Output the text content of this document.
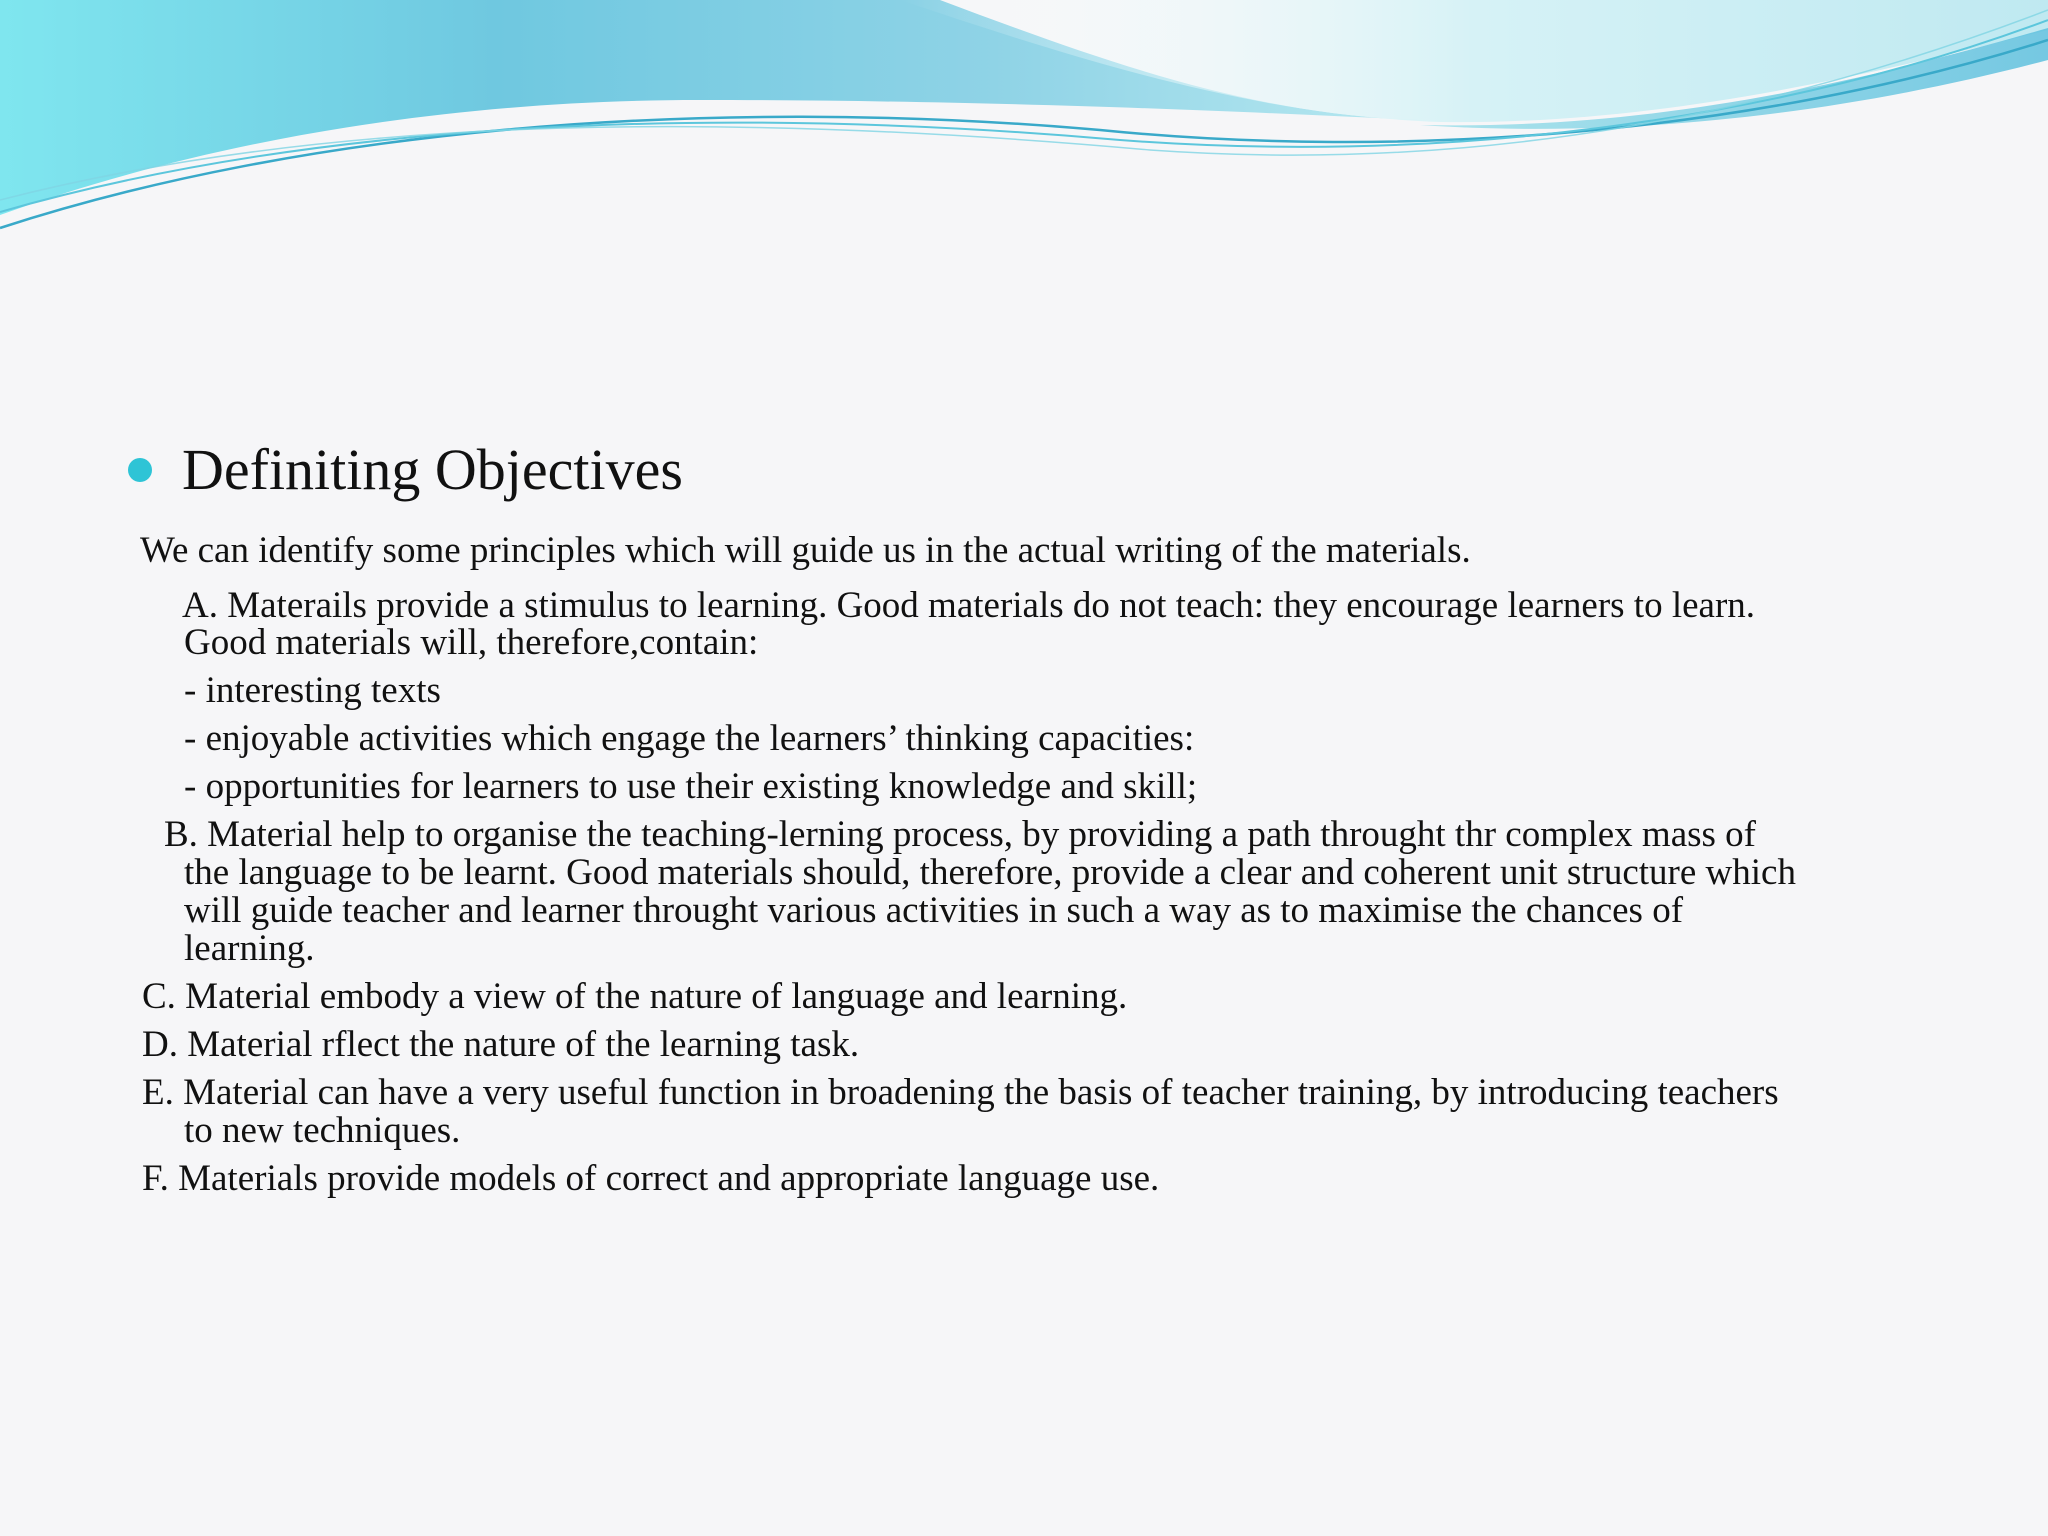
Definiting Objectives
We can identify some principles which will guide us in the actual writing of the materials.
A. Materails provide a stimulus to learning. Good materials do not teach: they encourage learners to learn.
Good materials will, therefore,contain:
- interesting texts
- enjoyable activities which engage the learners’ thinking capacities:
- opportunities for learners to use their existing knowledge and skill;
B. Material help to organise the teaching-lerning process, by providing a path throught thr complex mass of
the language to be learnt. Good materials should, therefore, provide a clear and coherent unit structure which
will guide teacher and learner throught various activities in such a way as to maximise the chances of
learning.
C. Material embody a view of the nature of language and learning.
D. Material rflect the nature of the learning task.
E. Material can have a very useful function in broadening the basis of teacher training, by introducing teachers
to new techniques.
F. Materials provide models of correct and appropriate language use.
